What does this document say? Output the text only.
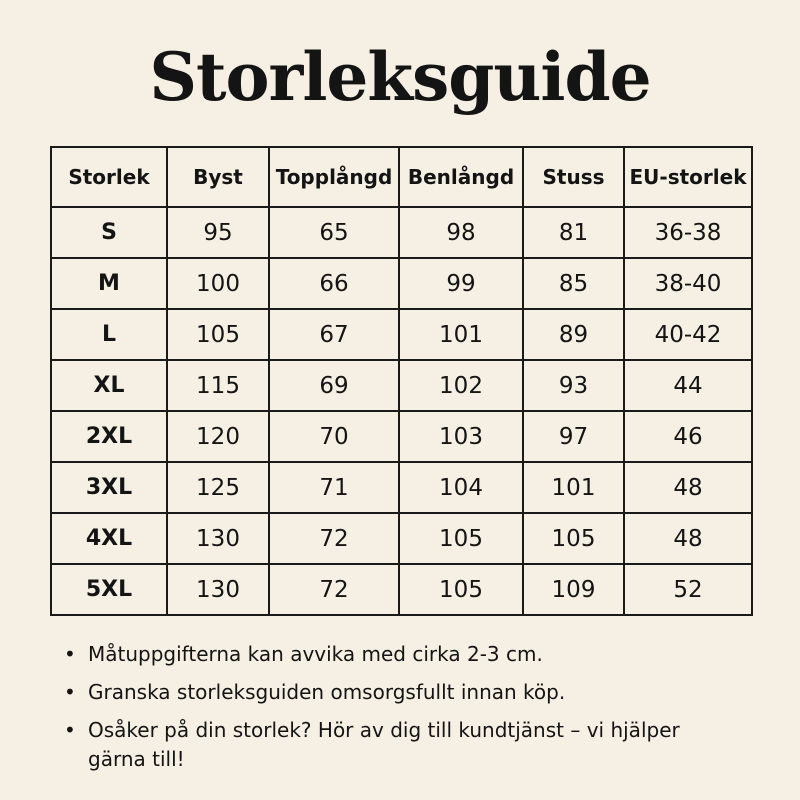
Storleksguide
Storlek	Byst	Topplångd	Benlångd	Stuss	EU-storlek
S	95	65	98	81	36-38
M	100	66	99	85	38-40
L	105	67	101	89	40-42
XL	115	69	102	93	44
2XL	120	70	103	97	46
3XL	125	71	104	101	48
4XL	130	72	105	105	48
5XL	130	72	105	109	52
• Måtuppgifterna kan avvika med cirka 2-3 cm.
• Granska storleksguiden omsorgsfullt innan köp.
• Osåker på din storlek? Hör av dig till kundtjänst – vi hjälper gärna till!
